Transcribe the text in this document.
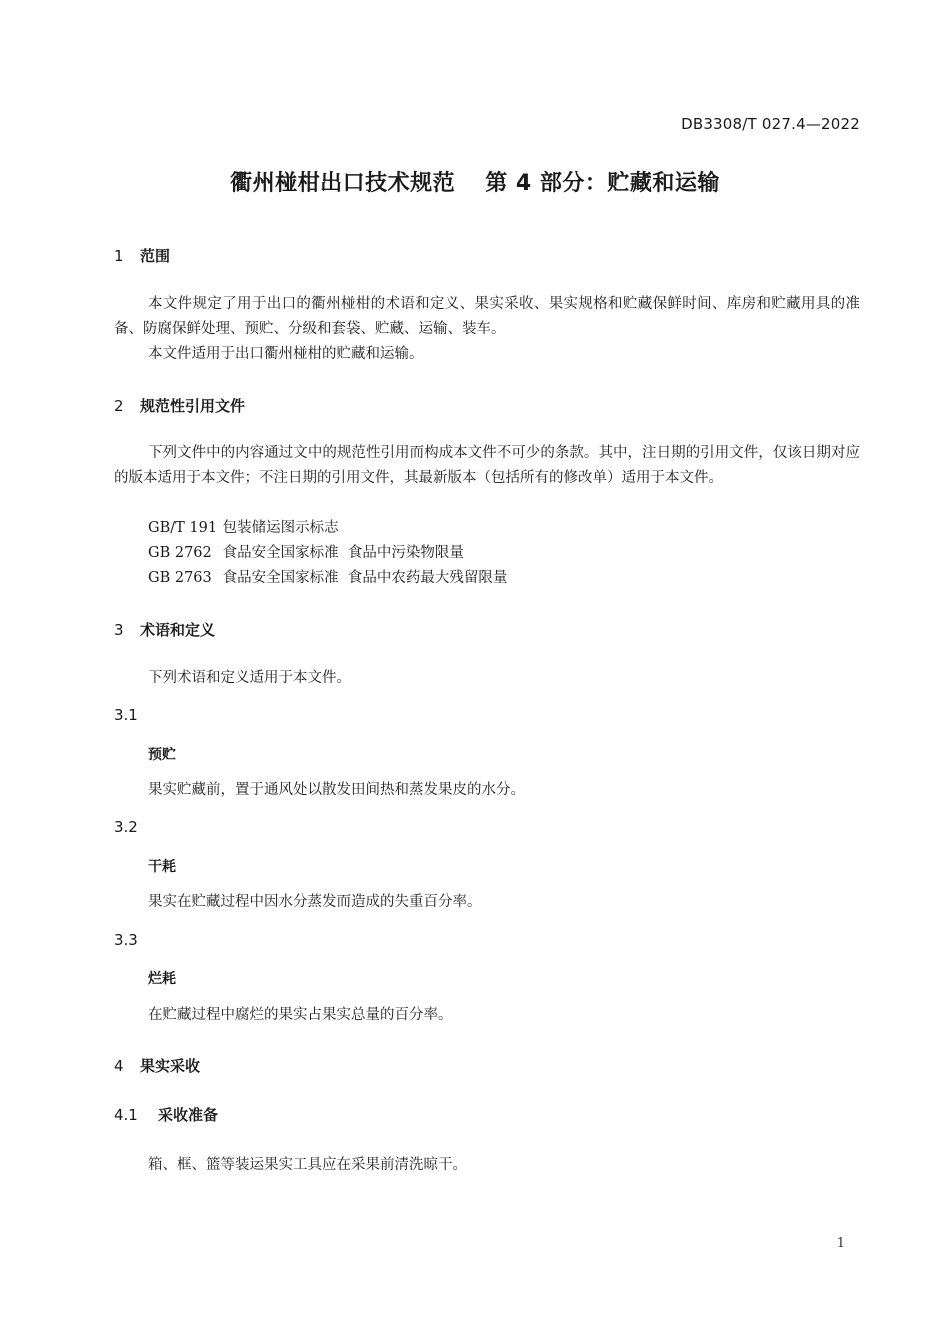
DB3308/T 027.4—2022
衢州椪柑出口技术规范 第 4 部分：贮藏和运输
1 范围
本文件规定了用于出口的衢州椪柑的术语和定义、果实采收、果实规格和贮藏保鲜时间、库房和贮藏用具的准备、防腐保鲜处理、预贮、分级和套袋、贮藏、运输、装车。
本文件适用于出口衢州椪柑的贮藏和运输。
2 规范性引用文件
下列文件中的内容通过文中的规范性引用而构成本文件不可少的条款。其中，注日期的引用文件，仅该日期对应的版本适用于本文件；不注日期的引用文件，其最新版本（包括所有的修改单）适用于本文件。
GB/T 191 包装储运图示标志
GB 2762 食品安全国家标准  食品中污染物限量
GB 2763 食品安全国家标准  食品中农药最大残留限量
3 术语和定义
下列术语和定义适用于本文件。
3.1
预贮
果实贮藏前，置于通风处以散发田间热和蒸发果皮的水分。
3.2
干耗
果实在贮藏过程中因水分蒸发而造成的失重百分率。
3.3
烂耗
在贮藏过程中腐烂的果实占果实总量的百分率。
4 果实采收
4.1 采收准备
箱、框、篮等装运果实工具应在采果前清洗晾干。
1
